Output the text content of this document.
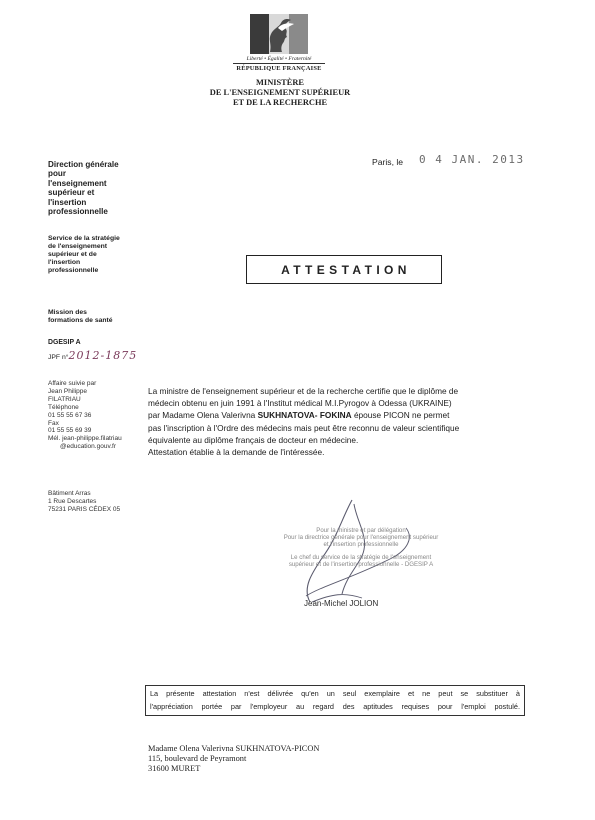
Liberté • Égalité • Fraternité
RÉPUBLIQUE FRANÇAISE
MINISTÈRE
DE L'ENSEIGNEMENT SUPÉRIEUR
ET DE LA RECHERCHE
Direction générale
pour
l'enseignement
supérieur et
l'insertion
professionnelle
Service de la stratégie
de l'enseignement
supérieur et de
l'insertion
professionnelle
Mission des
formations de santé
DGESIP A
JPF n°2012-1875
Affaire suivie par
Jean Philippe
FILATRIAU
Téléphone
01 55 55 67 36
Fax
01 55 55 69 39
Mél. jean-philippe.filatriau
@education.gouv.fr
Bâtiment Arras
1 Rue Descartes
75231 PARIS CÉDEX 05
Paris, le 0 4 JAN. 2013
ATTESTATION

La ministre de l'enseignement supérieur et de la recherche certifie que le diplôme de

médecin obtenu en juin 1991 à l'Institut médical M.I.Pyrogov à Odessa (UKRAINE)

par Madame Olena Valerivna SUKHNATOVA- FOKINA épouse PICON ne permet

pas l'inscription à l'Ordre des médecins mais peut être reconnu de valeur scientifique

équivalente au diplôme français de docteur en médecine.

Attestation établie à la demande de l'intéressée.

Pour la ministre et par délégation
Pour la directrice générale pour l'enseignement supérieur
et l'insertion professionnelle
Le chef du service de la stratégie de l'enseignement
supérieur et de l'insertion professionnelle - DGESIP A
Jean-Michel JOLION
La présente attestation n'est délivrée qu'en un seul exemplaire et ne peut se substituer à
l'appréciation portée par l'employeur au regard des aptitudes requises pour l'emploi postulé.
Madame Olena Valerivna SUKHNATOVA-PICON
115, boulevard de Peyramont
31600 MURET
